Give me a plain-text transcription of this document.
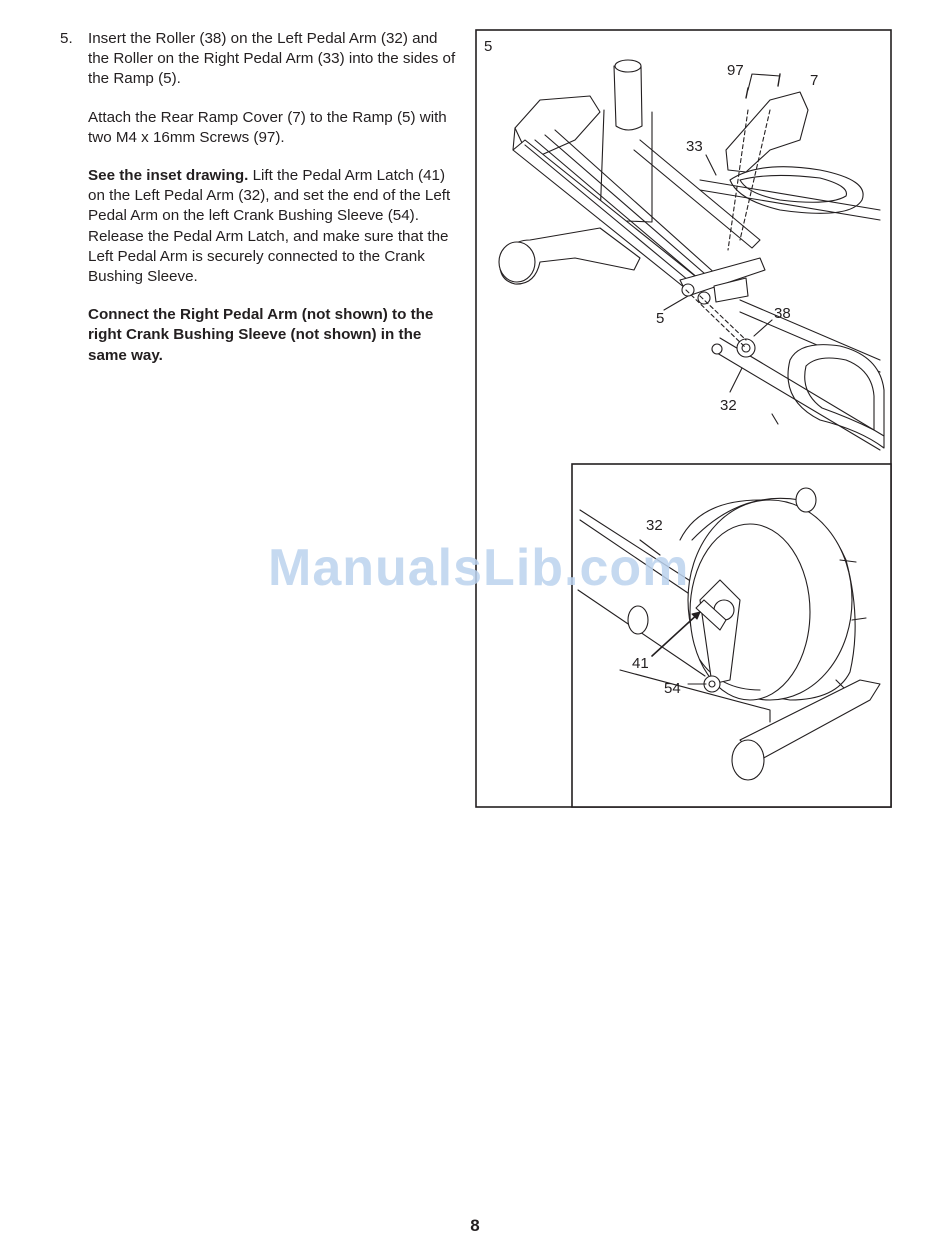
5. Insert the Roller (38) on the Left Pedal Arm (32) and the Roller on the Right Pedal Arm (33) into the sides of the Ramp (5).

Attach the Rear Ramp Cover (7) to the Ramp (5) with two M4 x 16mm Screws (97).

See the inset drawing. Lift the Pedal Arm Latch (41) on the Left Pedal Arm (32), and set the end of the Left Pedal Arm on the left Crank Bushing Sleeve (54). Release the Pedal Arm Latch, and make sure that the Left Pedal Arm is securely connected to the Crank Bushing Sleeve.

Connect the Right Pedal Arm (not shown) to the right Crank Bushing Sleeve (not shown) in the same way.

5
97
7
33
5	38
32
32
41
54
ManualsLib.com
8
